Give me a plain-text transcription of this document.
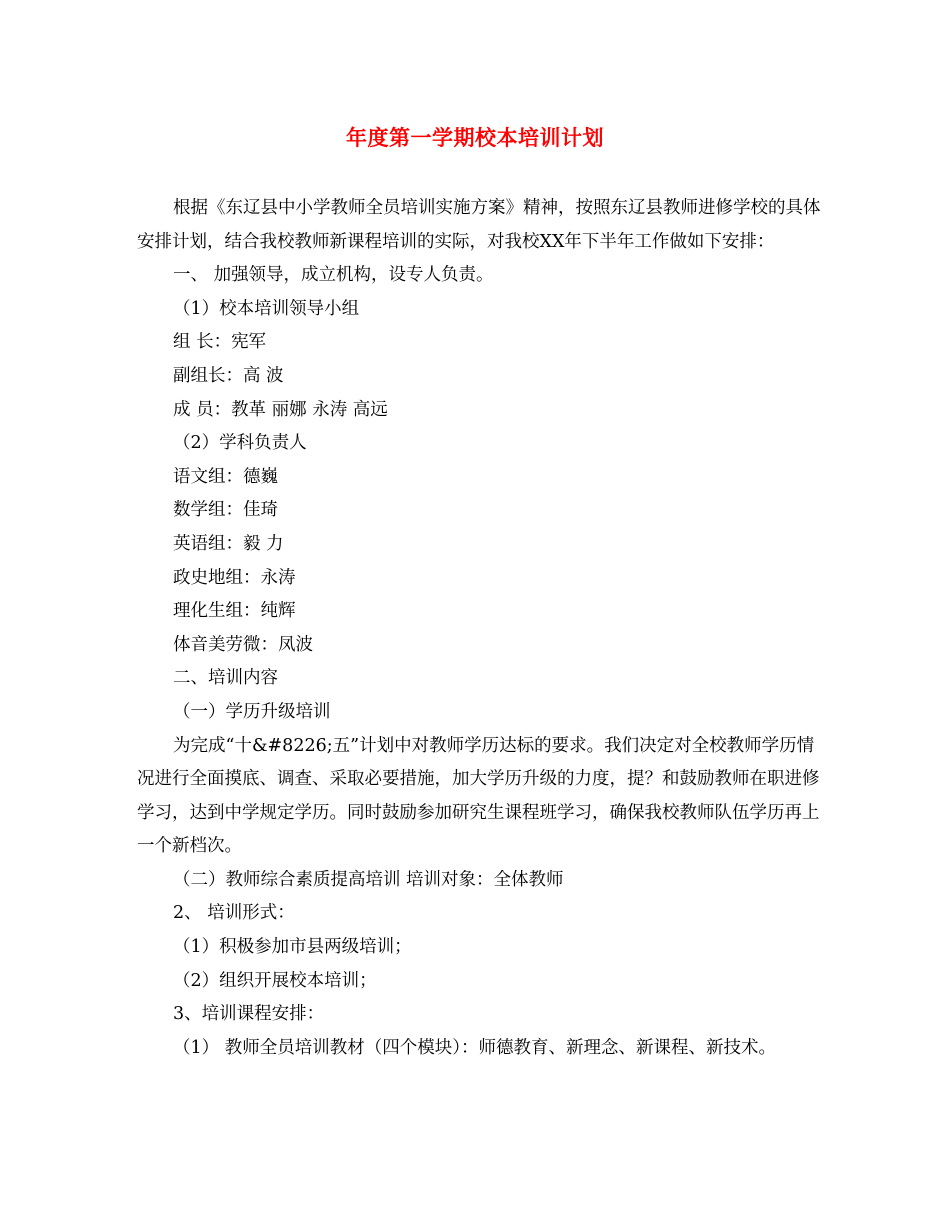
年度第一学期校本培训计划

根据《东辽县中小学教师全员培训实施方案》精神，按照东辽县教师进修学校的具体安排计划，结合我校教师新课程培训的实际，对我校XX年下半年工作做如下安排：

一、 加强领导，成立机构，设专人负责。

（1）校本培训领导小组

组 长：宪军

副组长：高 波

成 员：教革 丽娜 永涛 高远

（2）学科负责人

语文组：德巍

数学组：佳琦

英语组：毅 力

政史地组：永涛

理化生组：纯辉

体音美劳微：凤波

二、培训内容

（一）学历升级培训

为完成“十&#8226;五”计划中对教师学历达标的要求。我们决定对全校教师学历情况进行全面摸底、调查、采取必要措施，加大学历升级的力度，提？和鼓励教师在职进修学习，达到中学规定学历。同时鼓励参加研究生课程班学习，确保我校教师队伍学历再上一个新档次。

（二）教师综合素质提高培训 培训对象：全体教师

2、 培训形式：

（1）积极参加市县两级培训；

（2）组织开展校本培训；

3、培训课程安排：

（1） 教师全员培训教材（四个模块）：师德教育、新理念、新课程、新技术。
